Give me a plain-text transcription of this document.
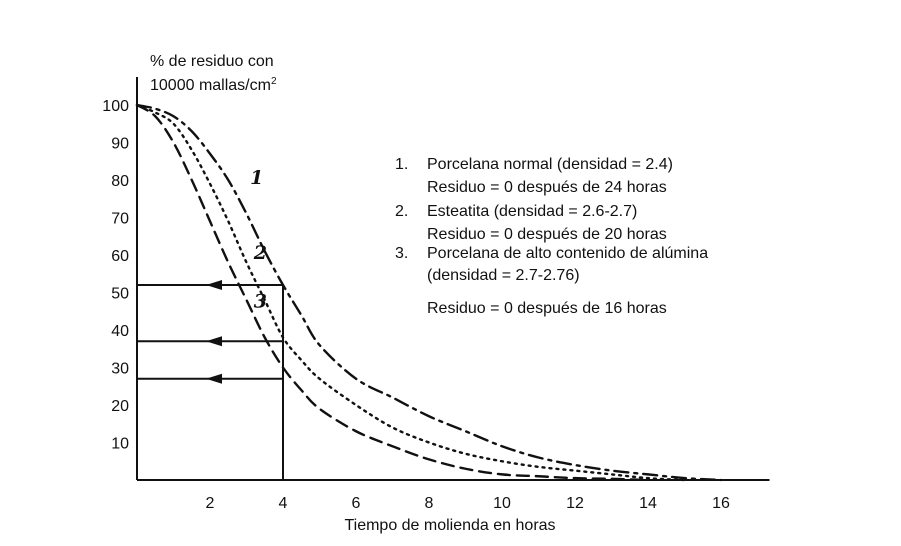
% de residuo con
10000 mallas/$cm^2$
10
20
30
40
50
60
70
80
90
100
2	4	6	8	10	12	14	16
1
2
3
1. Porcelana normal (densidad = 2.4)
Residuo = 0 después de 24 horas
2. Esteatita (densidad = 2.6-2.7)
Residuo = 0 después de 20 horas
3. Porcelana de alto contenido de alúmina
(densidad = 2.7-2.76)
Residuo = 0 después de 16 horas
Tiempo de molienda en horas
